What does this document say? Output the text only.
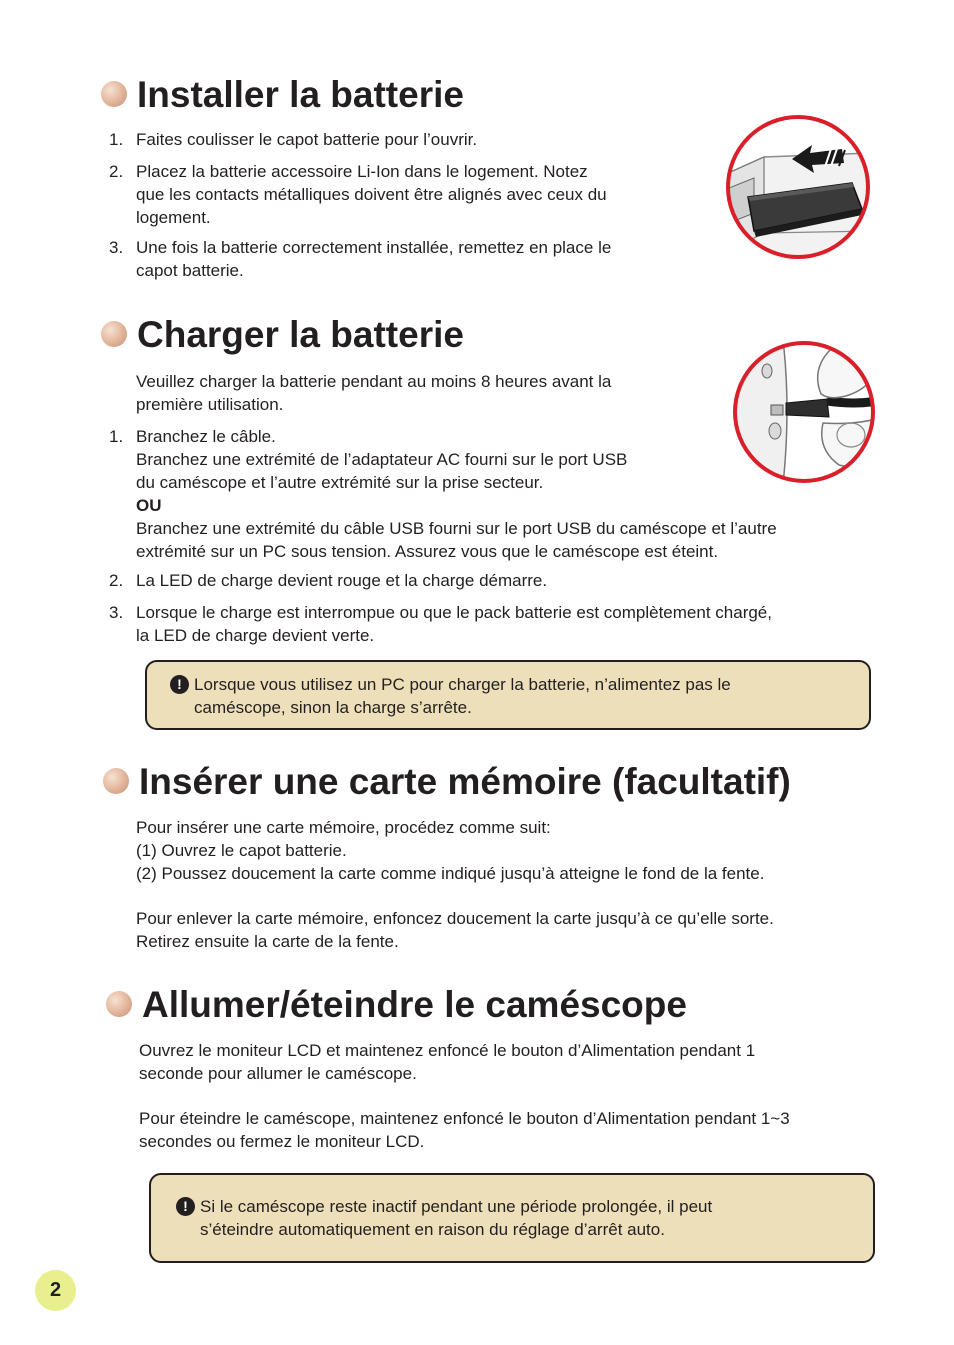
Installer la batterie
1. Faites coulisser le capot batterie pour l’ouvrir.
2. Placez la batterie accessoire Li-Ion dans le logement. Notez
que les contacts métalliques doivent être alignés avec ceux du
logement.
3. Une fois la batterie correctement installée, remettez en place le
capot batterie.
Charger la batterie
Veuillez charger la batterie pendant au moins 8 heures avant la
première utilisation.
1. Branchez le câble.
Branchez une extrémité de l’adaptateur AC fourni sur le port USB
du caméscope et l’autre extrémité sur la prise secteur.
OU
Branchez une extrémité du câble USB fourni sur le port USB du caméscope et l’autre
extrémité sur un PC sous tension. Assurez vous que le caméscope est éteint.
2. La LED de charge devient rouge et la charge démarre.
3. Lorsque le charge est interrompue ou que le pack batterie est complètement chargé,
la LED de charge devient verte.
! Lorsque vous utilisez un PC pour charger la batterie, n’alimentez pas le
caméscope, sinon la charge s’arrête.
Insérer une carte mémoire (facultatif)
Pour insérer une carte mémoire, procédez comme suit:
(1) Ouvrez le capot batterie.
(2) Poussez doucement la carte comme indiqué jusqu’à atteigne le fond de la fente.
Pour enlever la carte mémoire, enfoncez doucement la carte jusqu’à ce qu’elle sorte.
Retirez ensuite la carte de la fente.
Allumer/éteindre le caméscope
Ouvrez le moniteur LCD et maintenez enfoncé le bouton d’Alimentation pendant 1
seconde pour allumer le caméscope.
Pour éteindre le caméscope, maintenez enfoncé le bouton d’Alimentation pendant 1~3
secondes ou fermez le moniteur LCD.
! Si le caméscope reste inactif pendant une période prolongée, il peut
s’éteindre automatiquement en raison du réglage d’arrêt auto.
2
